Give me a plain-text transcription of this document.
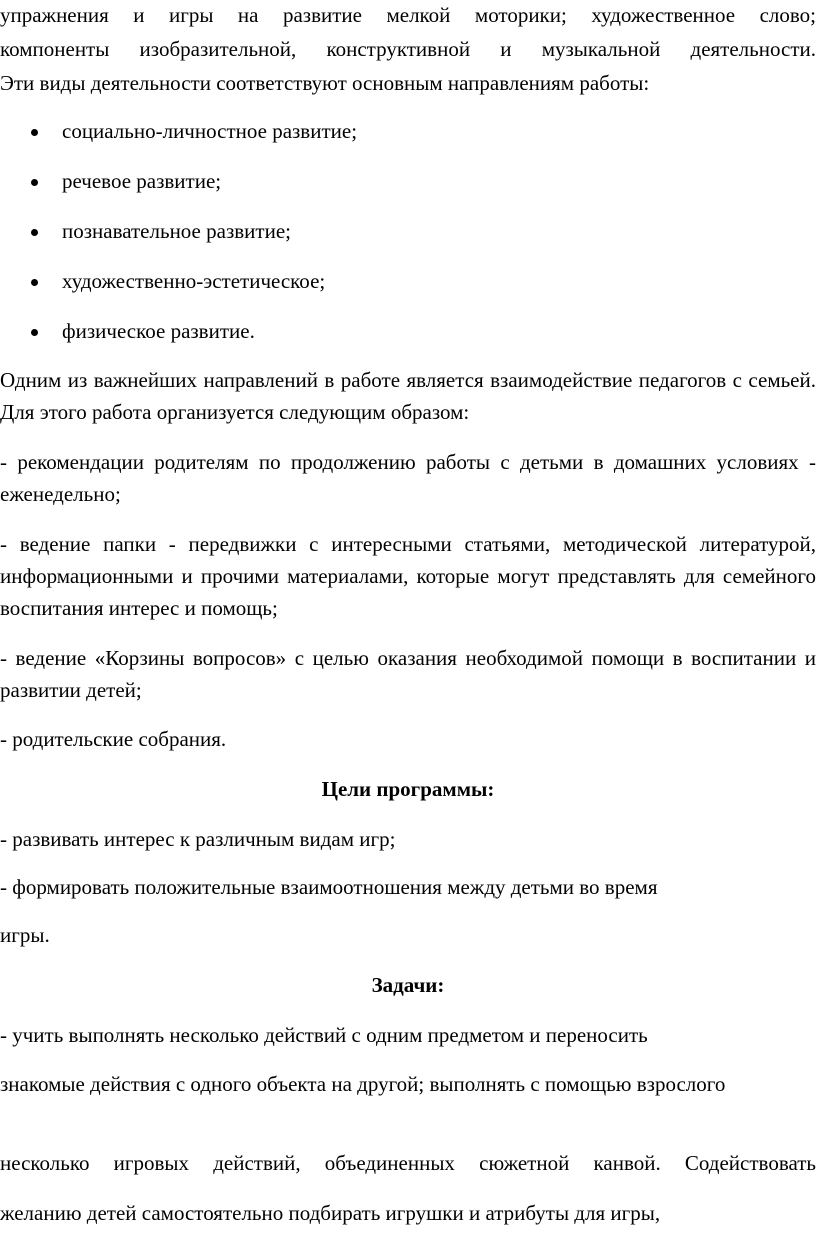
упражнения и игры на развитие мелкой моторики; художественное слово;

компоненты изобразительной, конструктивной и музыкальной деятельности.

Эти виды деятельности соответствуют основным направлениям работы:

социально-личностное развитие;
речевое развитие;
познавательное развитие;
художественно-эстетическое;
физическое развитие.

Одним из важнейших направлений в работе является взаимодействие педагогов с семьей. Для этого работа организуется следующим образом:

- рекомендации родителям по продолжению работы с детьми в домашних условиях - еженедельно;

- ведение папки - передвижки с интересными статьями, методической литературой, информационными и прочими материалами, которые могут представлять для семейного воспитания интерес и помощь;

- ведение «Корзины вопросов» с целью оказания необходимой помощи в воспитании и развитии детей;

- родительские собрания.

Цели программы:

- развивать интерес к различным видам игр;

- формировать положительные взаимоотношения между детьми во время

игры.

Задачи:

- учить выполнять несколько действий с одним предметом и переносить

знакомые действия с одного объекта на другой; выполнять с помощью взрослого

несколько игровых действий, объединенных сюжетной канвой. Содействовать

желанию детей самостоятельно подбирать игрушки и атрибуты для игры,
